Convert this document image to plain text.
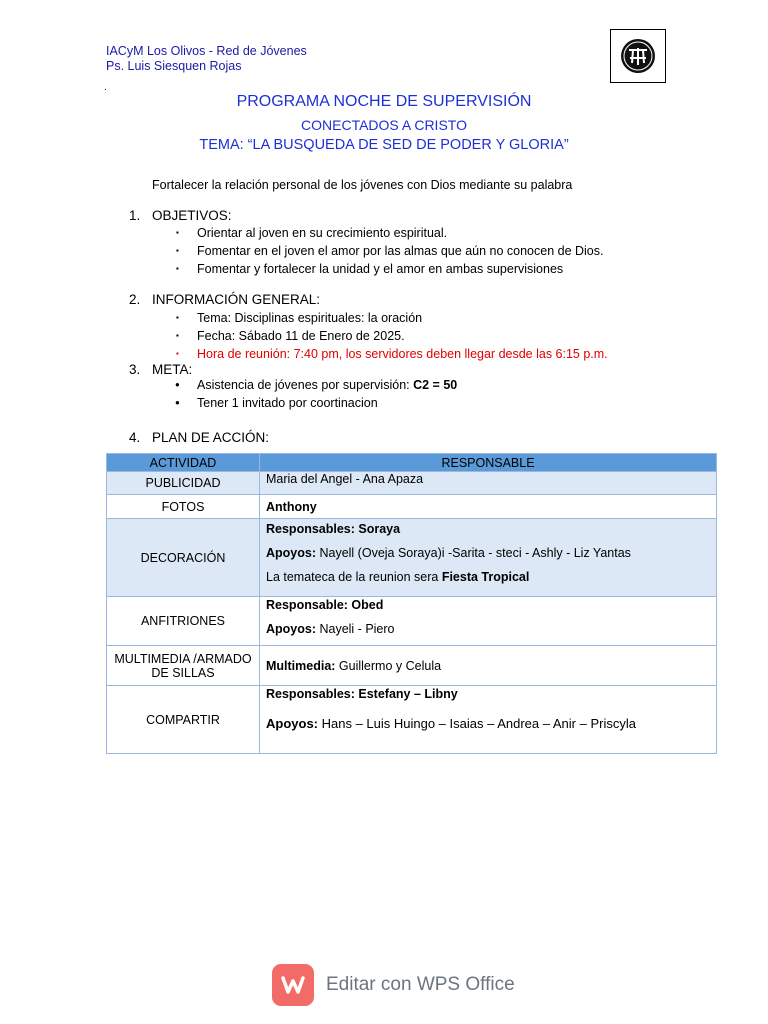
IACyM Los Olivos - Red de Jóvenes
Ps. Luis Siesquen Rojas
.
PROGRAMA NOCHE DE SUPERVISIÓN
CONECTADOS A CRISTO
TEMA: “LA BUSQUEDA DE SED DE PODER Y GLORIA”
Fortalecer la relación personal de los jóvenes con Dios mediante su palabra
1. OBJETIVOS:
▪ Orientar al joven en su crecimiento espiritual.
▪ Fomentar en el joven el amor por las almas que aún no conocen de Dios.
▪ Fomentar y fortalecer la unidad y el amor en ambas supervisiones
2. INFORMACIÓN GENERAL:
▪ Tema: Disciplinas espirituales: la oración
▪ Fecha: Sábado 11 de Enero de 2025.
▪ Hora de reunión: 7:40 pm, los servidores deben llegar desde las 6:15 p.m.
3. META:
● Asistencia de jóvenes por supervisión: C2 = 50
● Tener 1 invitado por coortinacion
4. PLAN DE ACCIÓN:
ACTIVIDAD	RESPONSABLE
PUBLICIDAD	Maria del Angel - Ana Apaza
FOTOS	Anthony
DECORACIÓN	Responsables: Soraya
Apoyos: Nayell (Oveja Soraya)i -Sarita - steci - Ashly - Liz Yantas
La temateca de la reunion sera Fiesta Tropical

ANFITRIONES	Responsable: Obed
Apoyos: Nayeli - Piero

MULTIMEDIA /ARMADO
DE SILLAS	Multimedia: Guillermo y Celula
COMPARTIR	Responsables: Estefany – Libny
Apoyos: Hans – Luis Huingo – Isaias – Andrea – Anir – Priscyla
Editar con WPS Office
